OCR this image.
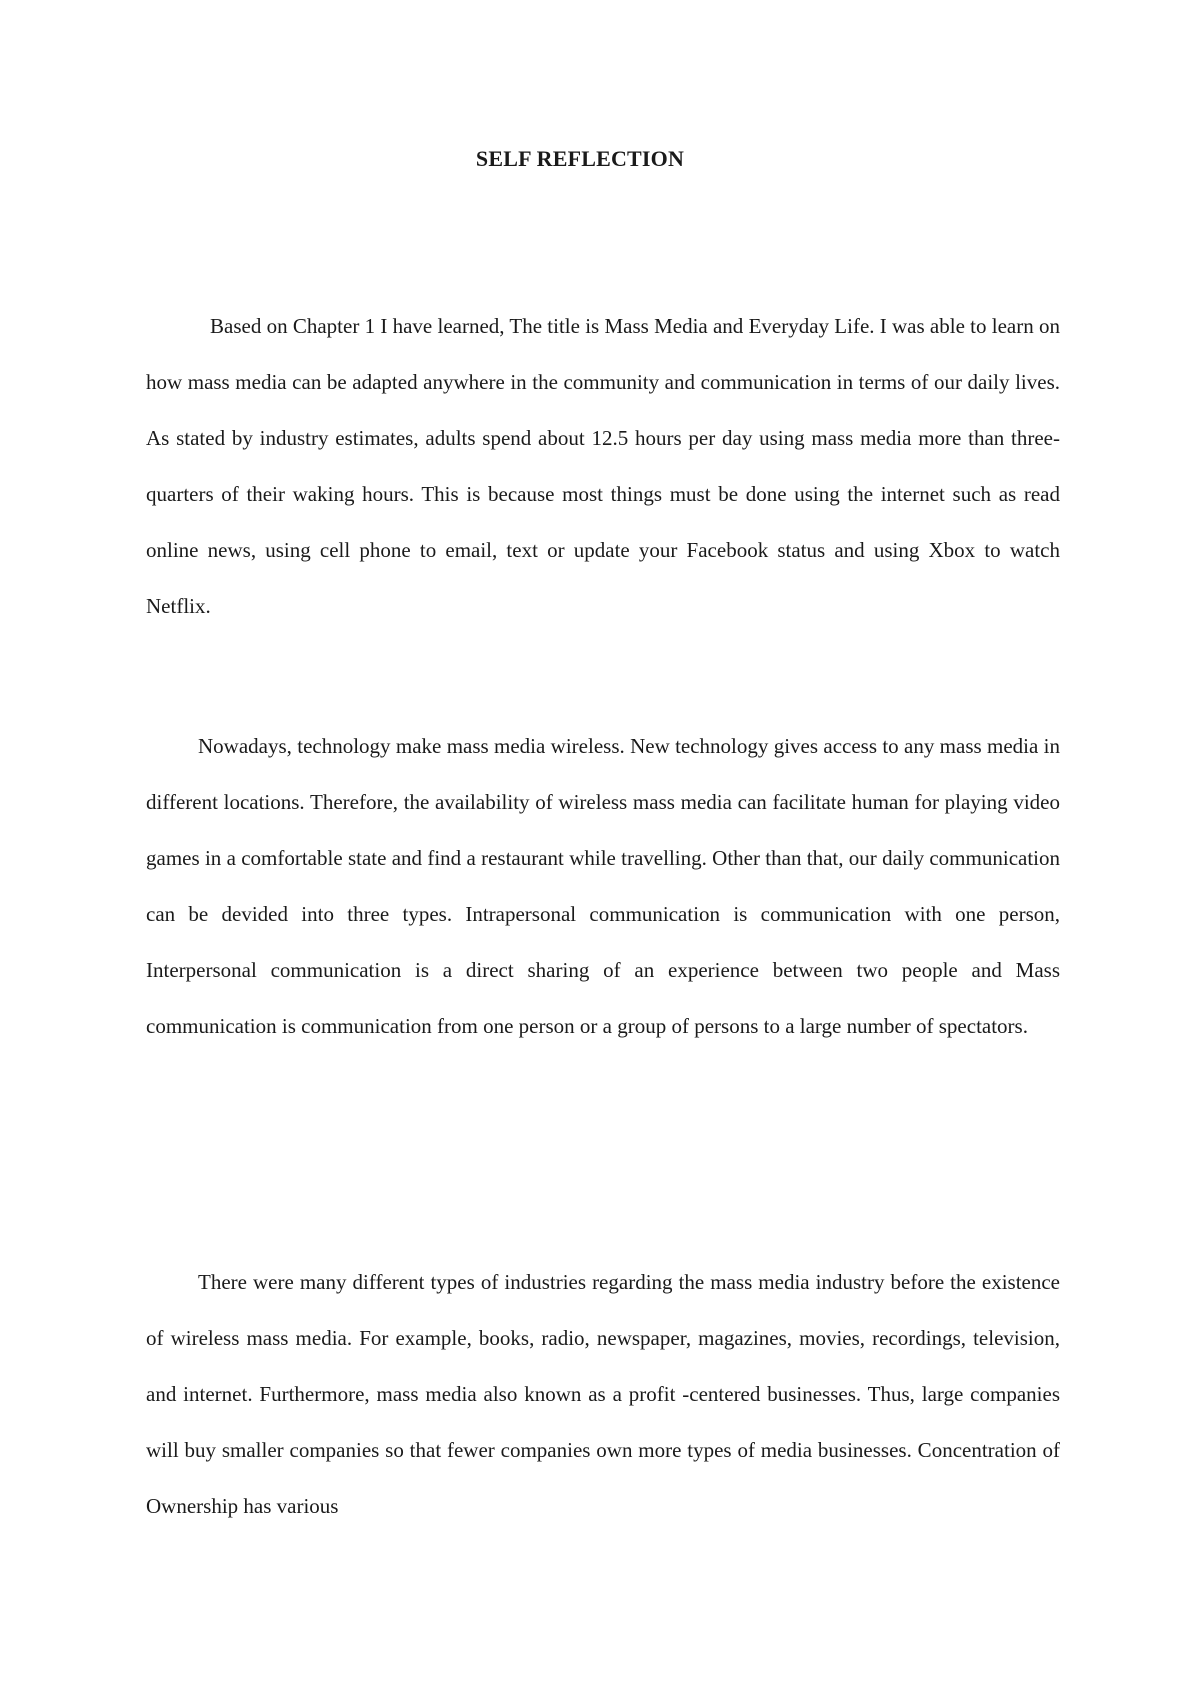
SELF REFLECTION

Based on Chapter 1 I have learned, The title is Mass Media and Everyday Life. I was able to learn on how mass media can be adapted anywhere in the community and communication in terms of our daily lives. As stated by industry estimates, adults spend about 12.5 hours per day using mass media more than three-quarters of their waking hours. This is because most things must be done using the internet such as read online news, using cell phone to email, text or update your Facebook status and using Xbox to watch Netflix.

Nowadays, technology make mass media wireless. New technology gives access to any mass media in different locations. Therefore, the availability of wireless mass media can facilitate human for playing video games in a comfortable state and find a restaurant while travelling. Other than that, our daily communication can be devided into three types. Intrapersonal communication is communication with one person, Interpersonal communication is a direct sharing of an experience between two people and Mass communication is communication from one person or a group of persons to a large number of spectators.

There were many different types of industries regarding the mass media industry before the existence of wireless mass media. For example, books, radio, newspaper, magazines, movies, recordings, television, and internet. Furthermore, mass media also known as a profit -centered businesses. Thus, large companies will buy smaller companies so that fewer companies own more types of media businesses. Concentration of Ownership has various
